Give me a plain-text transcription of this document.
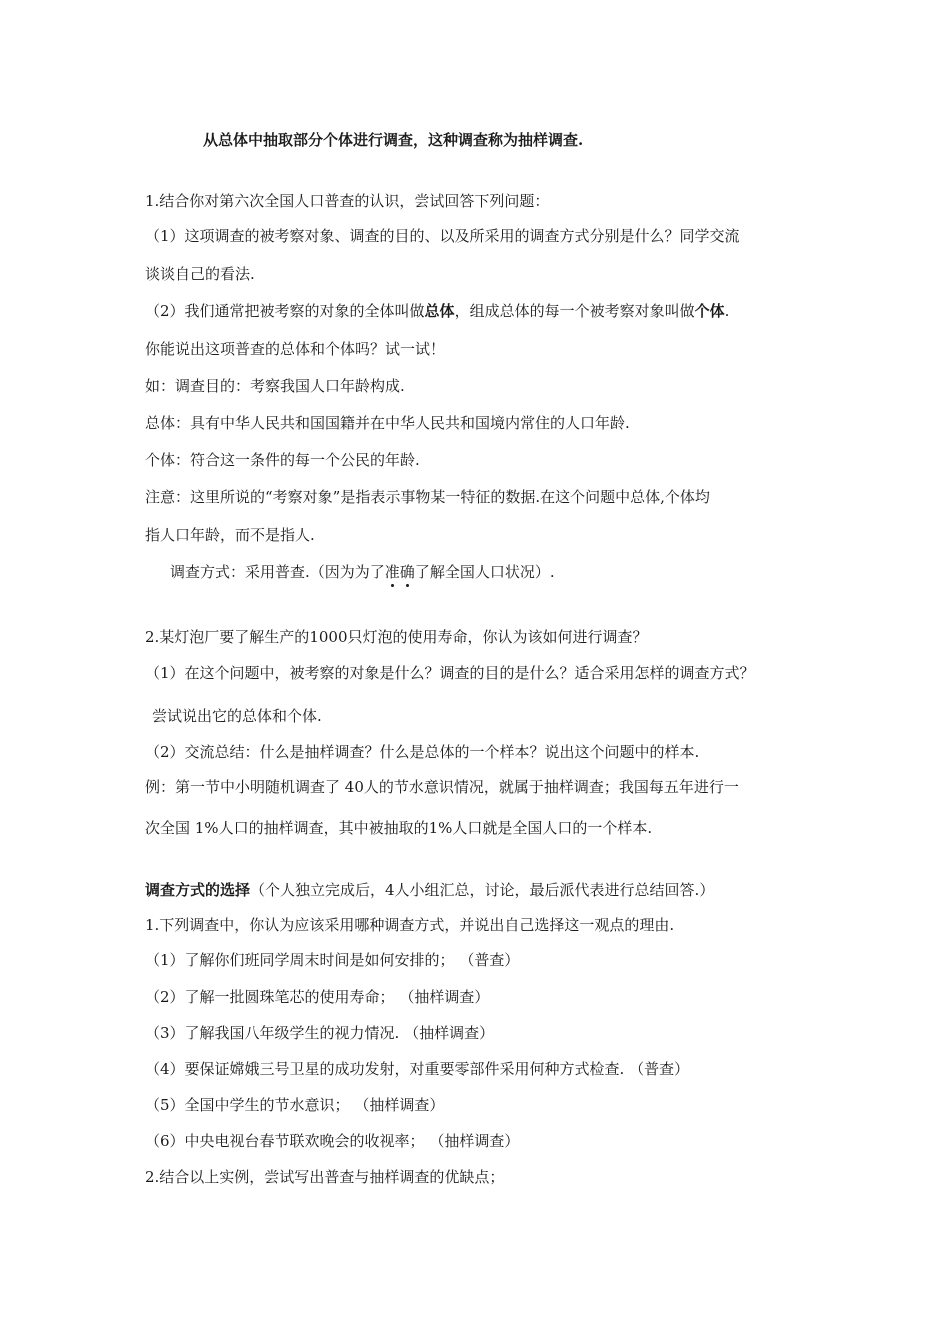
从总体中抽取部分个体进行调查，这种调查称为抽样调查.
1.结合你对第六次全国人口普查的认识，尝试回答下列问题：
（1）这项调查的被考察对象、调查的目的、以及所采用的调查方式分别是什么？同学交流
谈谈自己的看法.
（2）我们通常把被考察的对象的全体叫做总体，组成总体的每一个被考察对象叫做个体.
你能说出这项普查的总体和个体吗？试一试！
如：调查目的：考察我国人口年龄构成.
总体：具有中华人民共和国国籍并在中华人民共和国境内常住的人口年龄.
个体：符合这一条件的每一个公民的年龄.
注意：这里所说的“考察对象”是指表示事物某一特征的数据.在这个问题中总体,个体均
指人口年龄，而不是指人.
调查方式：采用普查.（因为为了准确了解全国人口状况）.
2.某灯泡厂要了解生产的1000只灯泡的使用寿命，你认为该如何进行调查？
（1）在这个问题中，被考察的对象是什么？调查的目的是什么？适合采用怎样的调查方式？
尝试说出它的总体和个体.
（2）交流总结：什么是抽样调查？什么是总体的一个样本？说出这个问题中的样本.
例：第一节中小明随机调查了 40人的节水意识情况，就属于抽样调查；我国每五年进行一
次全国 1%人口的抽样调查，其中被抽取的1%人口就是全国人口的一个样本.
调查方式的选择（个人独立完成后，4人小组汇总，讨论，最后派代表进行总结回答.）
1.下列调查中，你认为应该采用哪种调查方式，并说出自己选择这一观点的理由.
（1）了解你们班同学周末时间是如何安排的； （普查）
（2）了解一批圆珠笔芯的使用寿命； （抽样调查）
（3）了解我国八年级学生的视力情况. （抽样调查）
（4）要保证嫦娥三号卫星的成功发射，对重要零部件采用何种方式检查. （普查）
（5）全国中学生的节水意识； （抽样调查）
（6）中央电视台春节联欢晚会的收视率； （抽样调查）
2.结合以上实例，尝试写出普查与抽样调查的优缺点；
